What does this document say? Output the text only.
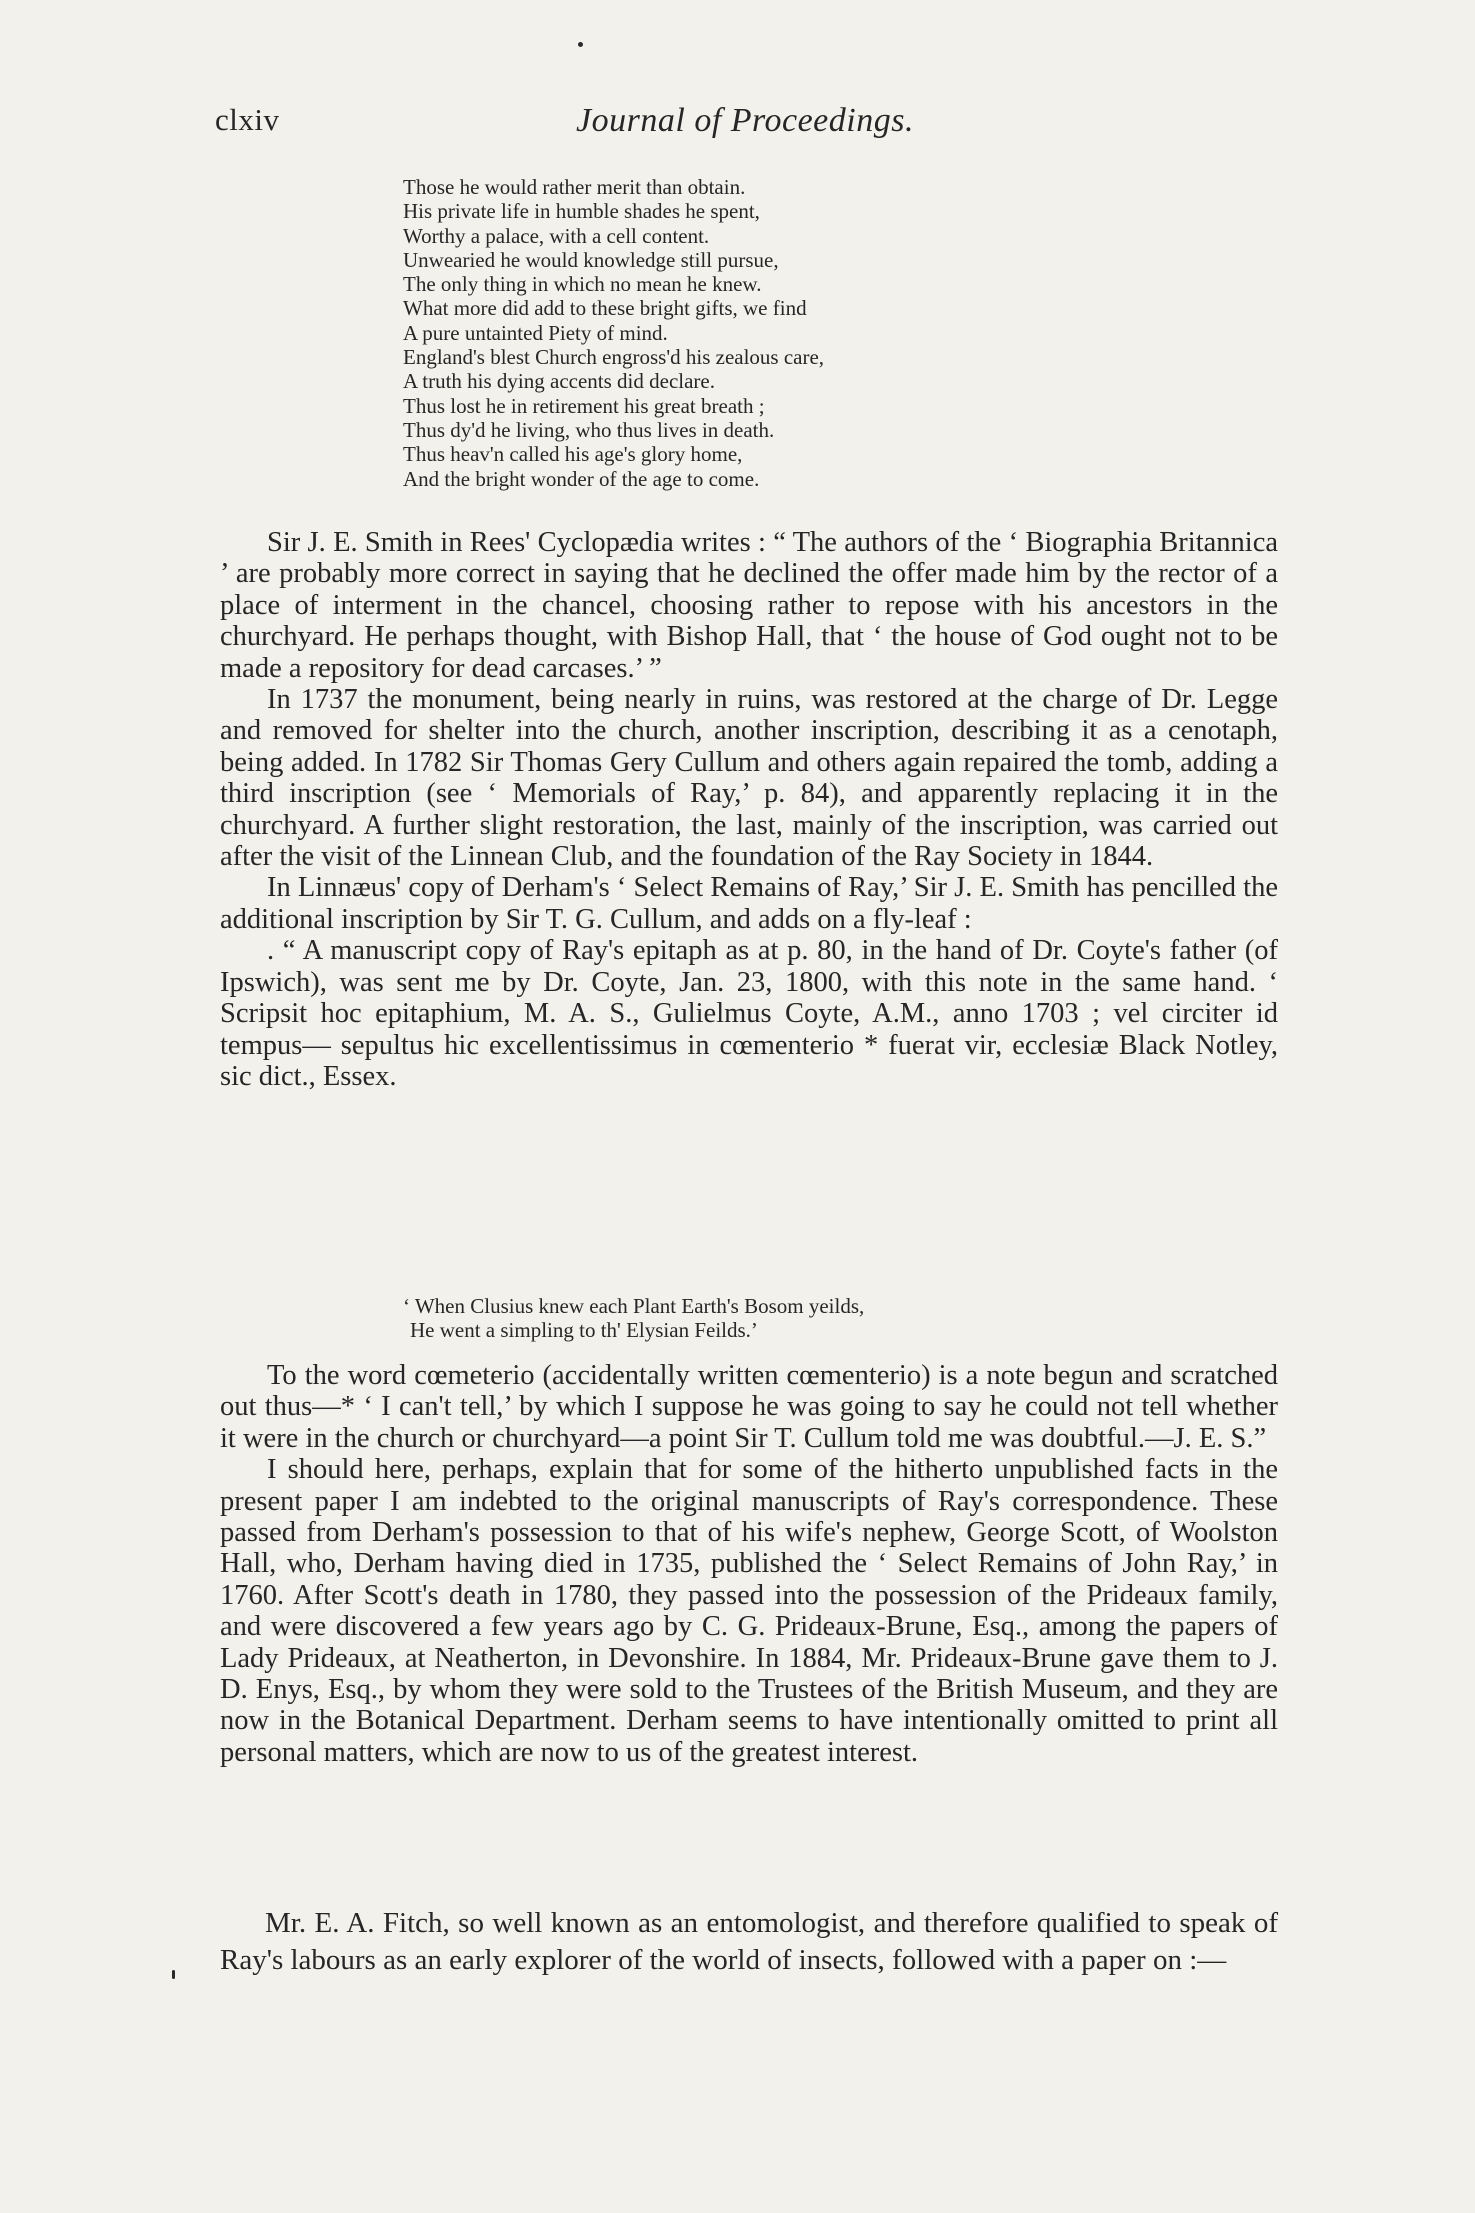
clxiv	Journal of Proceedings.
Those he would rather merit than obtain.
His private life in humble shades he spent,
Worthy a palace, with a cell content.
Unwearied he would knowledge still pursue,
The only thing in which no mean he knew.
What more did add to these bright gifts, we find
A pure untainted Piety of mind.
England's blest Church engross'd his zealous care,
A truth his dying accents did declare.
Thus lost he in retirement his great breath ;
Thus dy'd he living, who thus lives in death.
Thus heav'n called his age's glory home,
And the bright wonder of the age to come.

Sir J. E. Smith in Rees' Cyclopædia writes : “ The authors of the ‘ Biographia Britannica ’ are probably more correct in saying that he declined the offer made him by the rector of a place of interment in the chancel, choosing rather to repose with his ancestors in the churchyard. He perhaps thought, with Bishop Hall, that ‘ the house of God ought not to be made a repository for dead carcases.’ ”

In 1737 the monument, being nearly in ruins, was restored at the charge of Dr. Legge and removed for shelter into the church, another inscription, describing it as a cenotaph, being added. In 1782 Sir Thomas Gery Cullum and others again repaired the tomb, adding a third inscription (see ‘ Memorials of Ray,’ p. 84), and apparently replacing it in the churchyard. A further slight restoration, the last, mainly of the inscription, was carried out after the visit of the Linnean Club, and the foundation of the Ray Society in 1844.

In Linnæus' copy of Derham's ‘ Select Remains of Ray,’ Sir J. E. Smith has pencilled the additional inscription by Sir T. G. Cullum, and adds on a fly-leaf :

. “ A manuscript copy of Ray's epitaph as at p. 80, in the hand of Dr. Coyte's father (of Ipswich), was sent me by Dr. Coyte, Jan. 23, 1800, with this note in the same hand. ‘ Scripsit hoc epitaphium, M. A. S., Gulielmus Coyte, A.M., anno 1703 ; vel circiter id tempus— sepultus hic excellentissimus in cœmenterio * fuerat vir, ecclesiæ Black Notley, sic dict., Essex.

‘ When Clusius knew each Plant Earth's Bosom yeilds,
He went a simpling to th' Elysian Feilds.’

To the word cœmeterio (accidentally written cœmenterio) is a note begun and scratched out thus—* ‘ I can't tell,’ by which I suppose he was going to say he could not tell whether it were in the church or churchyard—a point Sir T. Cullum told me was doubtful.—J. E. S.”

I should here, perhaps, explain that for some of the hitherto unpublished facts in the present paper I am indebted to the original manuscripts of Ray's correspondence. These passed from Derham's possession to that of his wife's nephew, George Scott, of Woolston Hall, who, Derham having died in 1735, published the ‘ Select Remains of John Ray,’ in 1760. After Scott's death in 1780, they passed into the possession of the Prideaux family, and were discovered a few years ago by C. G. Prideaux-Brune, Esq., among the papers of Lady Prideaux, at Neatherton, in Devonshire. In 1884, Mr. Prideaux-Brune gave them to J. D. Enys, Esq., by whom they were sold to the Trustees of the British Museum, and they are now in the Botanical Department. Derham seems to have intentionally omitted to print all personal matters, which are now to us of the greatest interest.

Mr. E. A. Fitch, so well known as an entomologist, and therefore qualified to speak of Ray's labours as an early explorer of the world of insects, followed with a paper on :—
